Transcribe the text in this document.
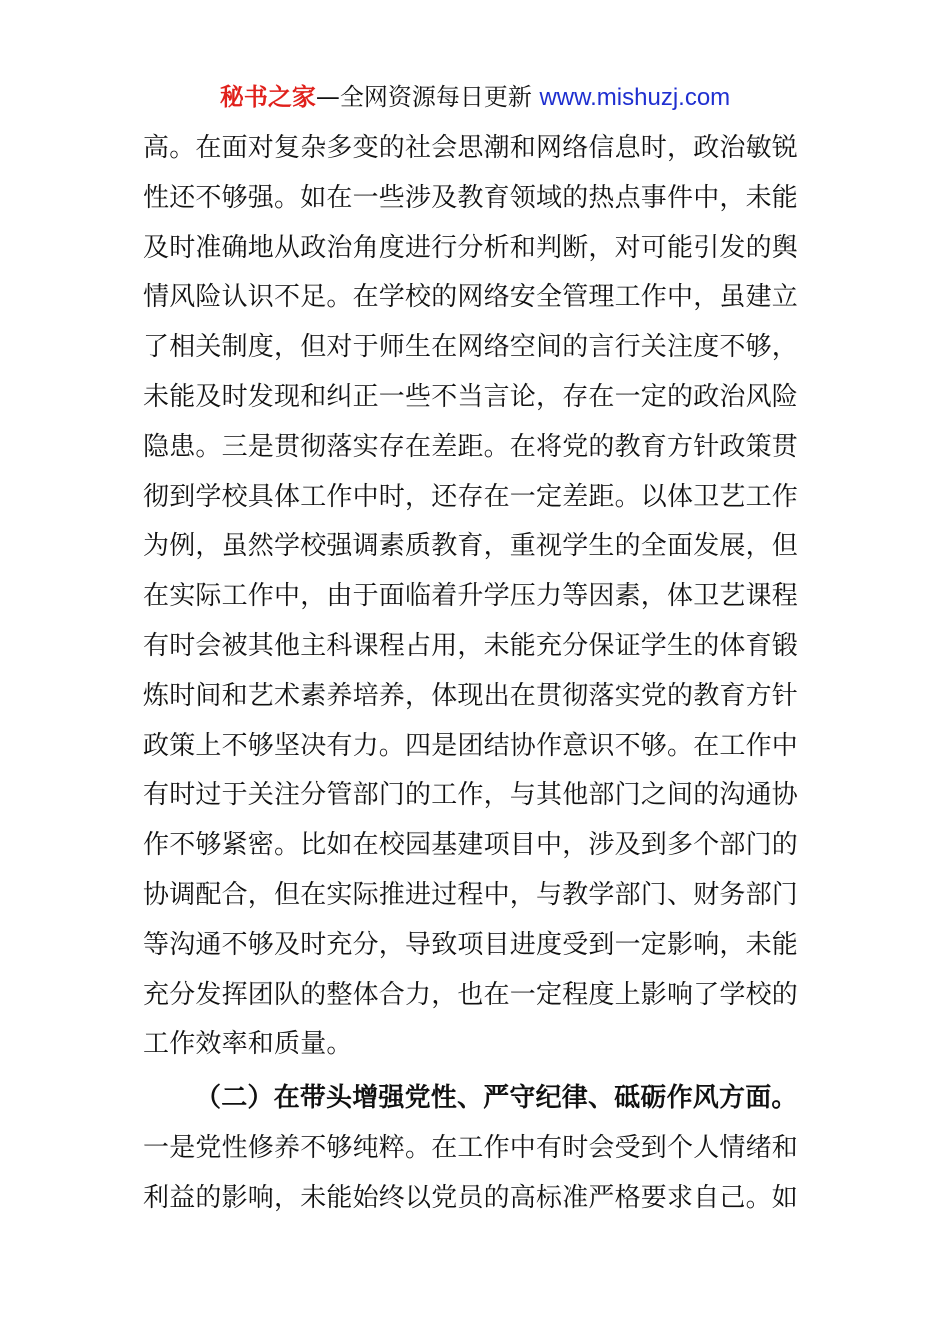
秘书之家—全网资源每日更新 www.mishuzj.com
高。在面对复杂多变的社会思潮和网络信息时，政治敏锐
性还不够强。如在一些涉及教育领域的热点事件中，未能
及时准确地从政治角度进行分析和判断，对可能引发的舆
情风险认识不足。在学校的网络安全管理工作中，虽建立
了相关制度，但对于师生在网络空间的言行关注度不够，
未能及时发现和纠正一些不当言论，存在一定的政治风险
隐患。三是贯彻落实存在差距。在将党的教育方针政策贯
彻到学校具体工作中时，还存在一定差距。以体卫艺工作
为例，虽然学校强调素质教育，重视学生的全面发展，但
在实际工作中，由于面临着升学压力等因素，体卫艺课程
有时会被其他主科课程占用，未能充分保证学生的体育锻
炼时间和艺术素养培养，体现出在贯彻落实党的教育方针
政策上不够坚决有力。四是团结协作意识不够。在工作中
有时过于关注分管部门的工作，与其他部门之间的沟通协
作不够紧密。比如在校园基建项目中，涉及到多个部门的
协调配合，但在实际推进过程中，与教学部门、财务部门
等沟通不够及时充分，导致项目进度受到一定影响，未能
充分发挥团队的整体合力，也在一定程度上影响了学校的
工作效率和质量。
（二）在带头增强党性、严守纪律、砥砺作风方面。
一是党性修养不够纯粹。在工作中有时会受到个人情绪和
利益的影响，未能始终以党员的高标准严格要求自己。如
